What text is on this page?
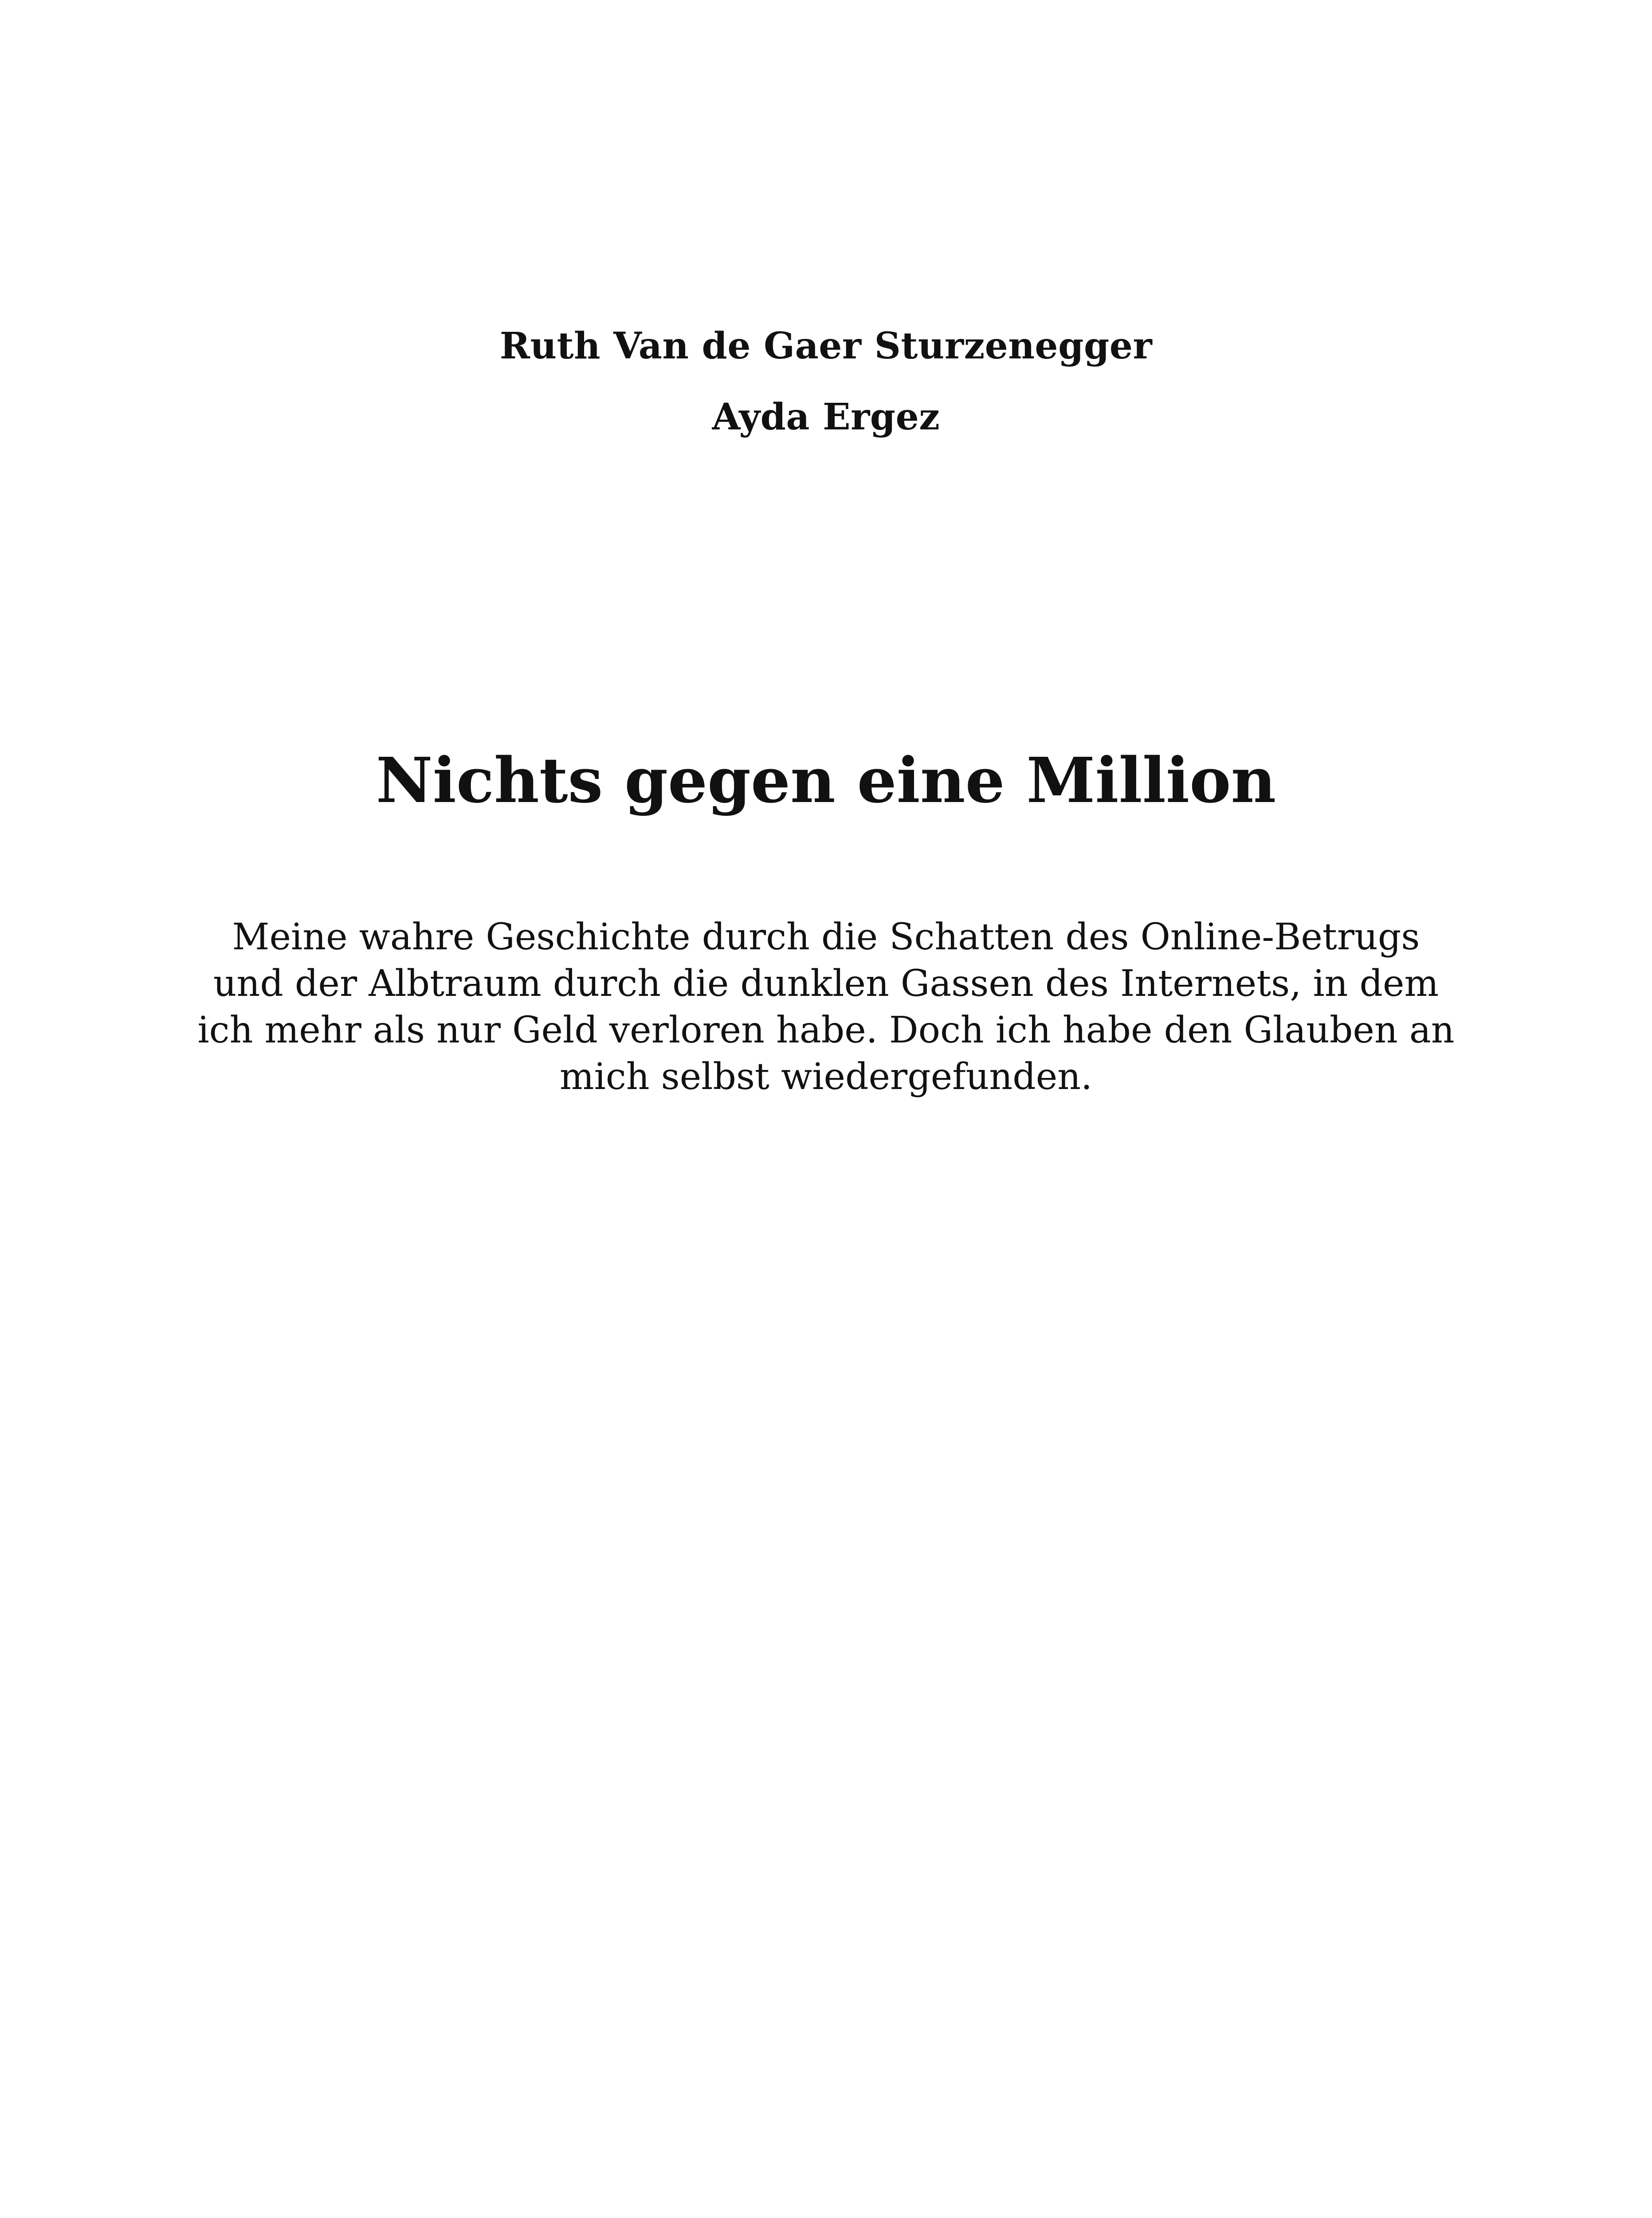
Ruth Van de Gaer Sturzenegger
Ayda Ergez
Nichts gegen eine Million

Meine wahre Geschichte durch die Schatten des Online-Betrugs und der Albtraum durch die dunklen Gassen des Internets, in dem ich mehr als nur Geld verloren habe. Doch ich habe den Glauben an mich selbst wiedergefunden.
